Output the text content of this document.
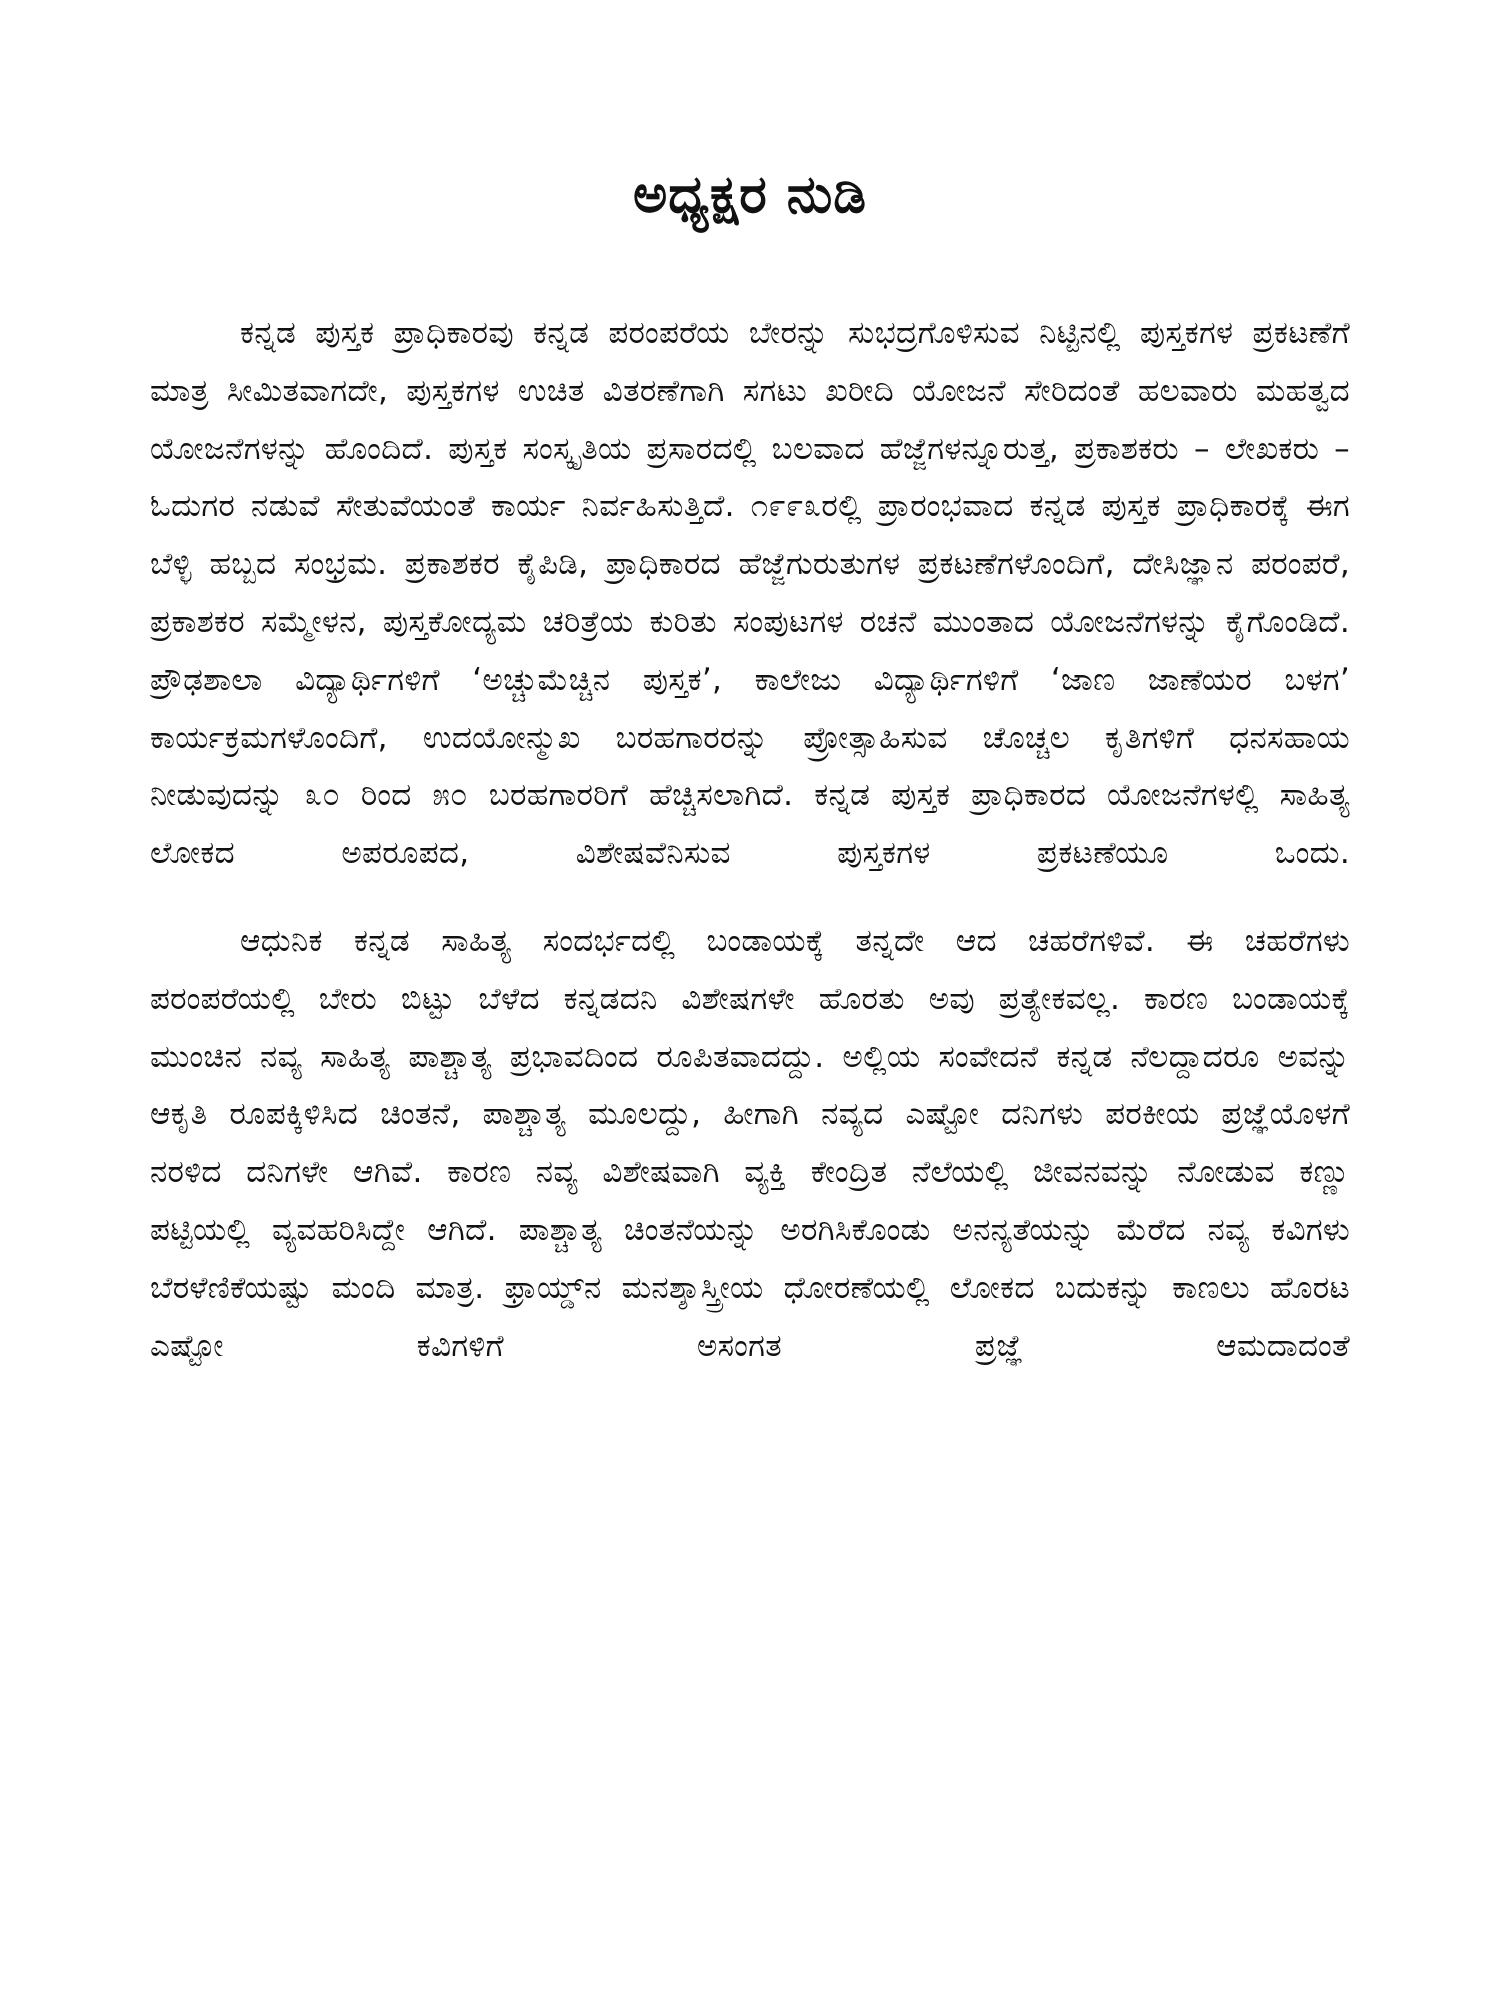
ಅಧ್ಯಕ್ಷರ ನುಡಿ

ಕನ್ನಡ ಪುಸ್ತಕ ಪ್ರಾಧಿಕಾರವು ಕನ್ನಡ ಪರಂಪರೆಯ ಬೇರನ್ನು ಸುಭದ್ರಗೊಳಿಸುವ ನಿಟ್ಟಿನಲ್ಲಿ ಪುಸ್ತಕಗಳ ಪ್ರಕಟಣೆಗೆ ಮಾತ್ರ ಸೀಮಿತವಾಗದೇ, ಪುಸ್ತಕಗಳ ಉಚಿತ ವಿತರಣೆಗಾಗಿ ಸಗಟು ಖರೀದಿ ಯೋಜನೆ ಸೇರಿದಂತೆ ಹಲವಾರು ಮಹತ್ವದ ಯೋಜನೆಗಳನ್ನು ಹೊಂದಿದೆ. ಪುಸ್ತಕ ಸಂಸ್ಕೃತಿಯ ಪ್ರಸಾರದಲ್ಲಿ ಬಲವಾದ ಹೆಜ್ಜೆಗಳನ್ನೂರುತ್ತ, ಪ್ರಕಾಶಕರು – ಲೇಖಕರು – ಓದುಗರ ನಡುವೆ ಸೇತುವೆಯಂತೆ ಕಾರ್ಯ ನಿರ್ವಹಿಸುತ್ತಿದೆ. ೧೯೯೩ರಲ್ಲಿ ಪ್ರಾರಂಭವಾದ ಕನ್ನಡ ಪುಸ್ತಕ ಪ್ರಾಧಿಕಾರಕ್ಕೆ ಈಗ ಬೆಳ್ಳಿ ಹಬ್ಬದ ಸಂಭ್ರಮ. ಪ್ರಕಾಶಕರ ಕೈಪಿಡಿ, ಪ್ರಾಧಿಕಾರದ ಹೆಜ್ಜೆಗುರುತುಗಳ ಪ್ರಕಟಣೆಗಳೊಂದಿಗೆ, ದೇಸಿಜ್ಞಾನ ಪರಂಪರೆ, ಪ್ರಕಾಶಕರ ಸಮ್ಮೇಳನ, ಪುಸ್ತಕೋದ್ಯಮ ಚರಿತ್ರೆಯ ಕುರಿತು ಸಂಪುಟಗಳ ರಚನೆ ಮುಂತಾದ ಯೋಜನೆಗಳನ್ನು ಕೈಗೊಂಡಿದೆ. ಪ್ರೌಢಶಾಲಾ ವಿದ್ಯಾರ್ಥಿಗಳಿಗೆ ‘ಅಚ್ಚುಮೆಚ್ಚಿನ ಪುಸ್ತಕ’, ಕಾಲೇಜು ವಿದ್ಯಾರ್ಥಿಗಳಿಗೆ ‘ಜಾಣ ಜಾಣೆಯರ ಬಳಗ’ ಕಾರ್ಯಕ್ರಮಗಳೊಂದಿಗೆ, ಉದಯೋನ್ಮುಖ ಬರಹಗಾರರನ್ನು ಪ್ರೋತ್ಸಾಹಿಸುವ ಚೊಚ್ಚಲ ಕೃತಿಗಳಿಗೆ ಧನಸಹಾಯ ನೀಡುವುದನ್ನು ೩೦ ರಿಂದ ೫೦ ಬರಹಗಾರರಿಗೆ ಹೆಚ್ಚಿಸಲಾಗಿದೆ. ಕನ್ನಡ ಪುಸ್ತಕ ಪ್ರಾಧಿಕಾರದ ಯೋಜನೆಗಳಲ್ಲಿ ಸಾಹಿತ್ಯ ಲೋಕದ ಅಪರೂಪದ, ವಿಶೇಷವೆನಿಸುವ ಪುಸ್ತಕಗಳ ಪ್ರಕಟಣೆಯೂ ಒಂದು.

ಆಧುನಿಕ ಕನ್ನಡ ಸಾಹಿತ್ಯ ಸಂದರ್ಭದಲ್ಲಿ ಬಂಡಾಯಕ್ಕೆ ತನ್ನದೇ ಆದ ಚಹರೆಗಳಿವೆ. ಈ ಚಹರೆಗಳು ಪರಂಪರೆಯಲ್ಲಿ ಬೇರು ಬಿಟ್ಟು ಬೆಳೆದ ಕನ್ನಡದನಿ ವಿಶೇಷಗಳೇ ಹೊರತು ಅವು ಪ್ರತ್ಯೇಕವಲ್ಲ. ಕಾರಣ ಬಂಡಾಯಕ್ಕೆ ಮುಂಚಿನ ನವ್ಯ ಸಾಹಿತ್ಯ ಪಾಶ್ಚಾತ್ಯ ಪ್ರಭಾವದಿಂದ ರೂಪಿತವಾದದ್ದು. ಅಲ್ಲಿಯ ಸಂವೇದನೆ ಕನ್ನಡ ನೆಲದ್ದಾದರೂ ಅವನ್ನು ಆಕೃತಿ ರೂಪಕ್ಕಿಳಿಸಿದ ಚಿಂತನೆ, ಪಾಶ್ಚಾತ್ಯ ಮೂಲದ್ದು, ಹೀಗಾಗಿ ನವ್ಯದ ಎಷ್ಟೋ ದನಿಗಳು ಪರಕೀಯ ಪ್ರಜ್ಞೆಯೊಳಗೆ ನರಳಿದ ದನಿಗಳೇ ಆಗಿವೆ. ಕಾರಣ ನವ್ಯ ವಿಶೇಷವಾಗಿ ವ್ಯಕ್ತಿ ಕೇಂದ್ರಿತ ನೆಲೆಯಲ್ಲಿ ಜೀವನವನ್ನು ನೋಡುವ ಕಣ್ಣು ಪಟ್ಟಿಯಲ್ಲಿ ವ್ಯವಹರಿಸಿದ್ದೇ ಆಗಿದೆ. ಪಾಶ್ಚಾತ್ಯ ಚಿಂತನೆಯನ್ನು ಅರಗಿಸಿಕೊಂಡು ಅನನ್ಯತೆಯನ್ನು ಮೆರೆದ ನವ್ಯ ಕವಿಗಳು ಬೆರಳೆಣಿಕೆಯಷ್ಟು ಮಂದಿ ಮಾತ್ರ. ಫ್ರಾಯ್ಡ್‌ನ ಮನಶ್ಶಾಸ್ತ್ರೀಯ ಧೋರಣೆಯಲ್ಲಿ ಲೋಕದ ಬದುಕನ್ನು ಕಾಣಲು ಹೊರಟ ಎಷ್ಟೋ ಕವಿಗಳಿಗೆ ಅಸಂಗತ ಪ್ರಜ್ಞೆ ಆಮದಾದಂತೆ
